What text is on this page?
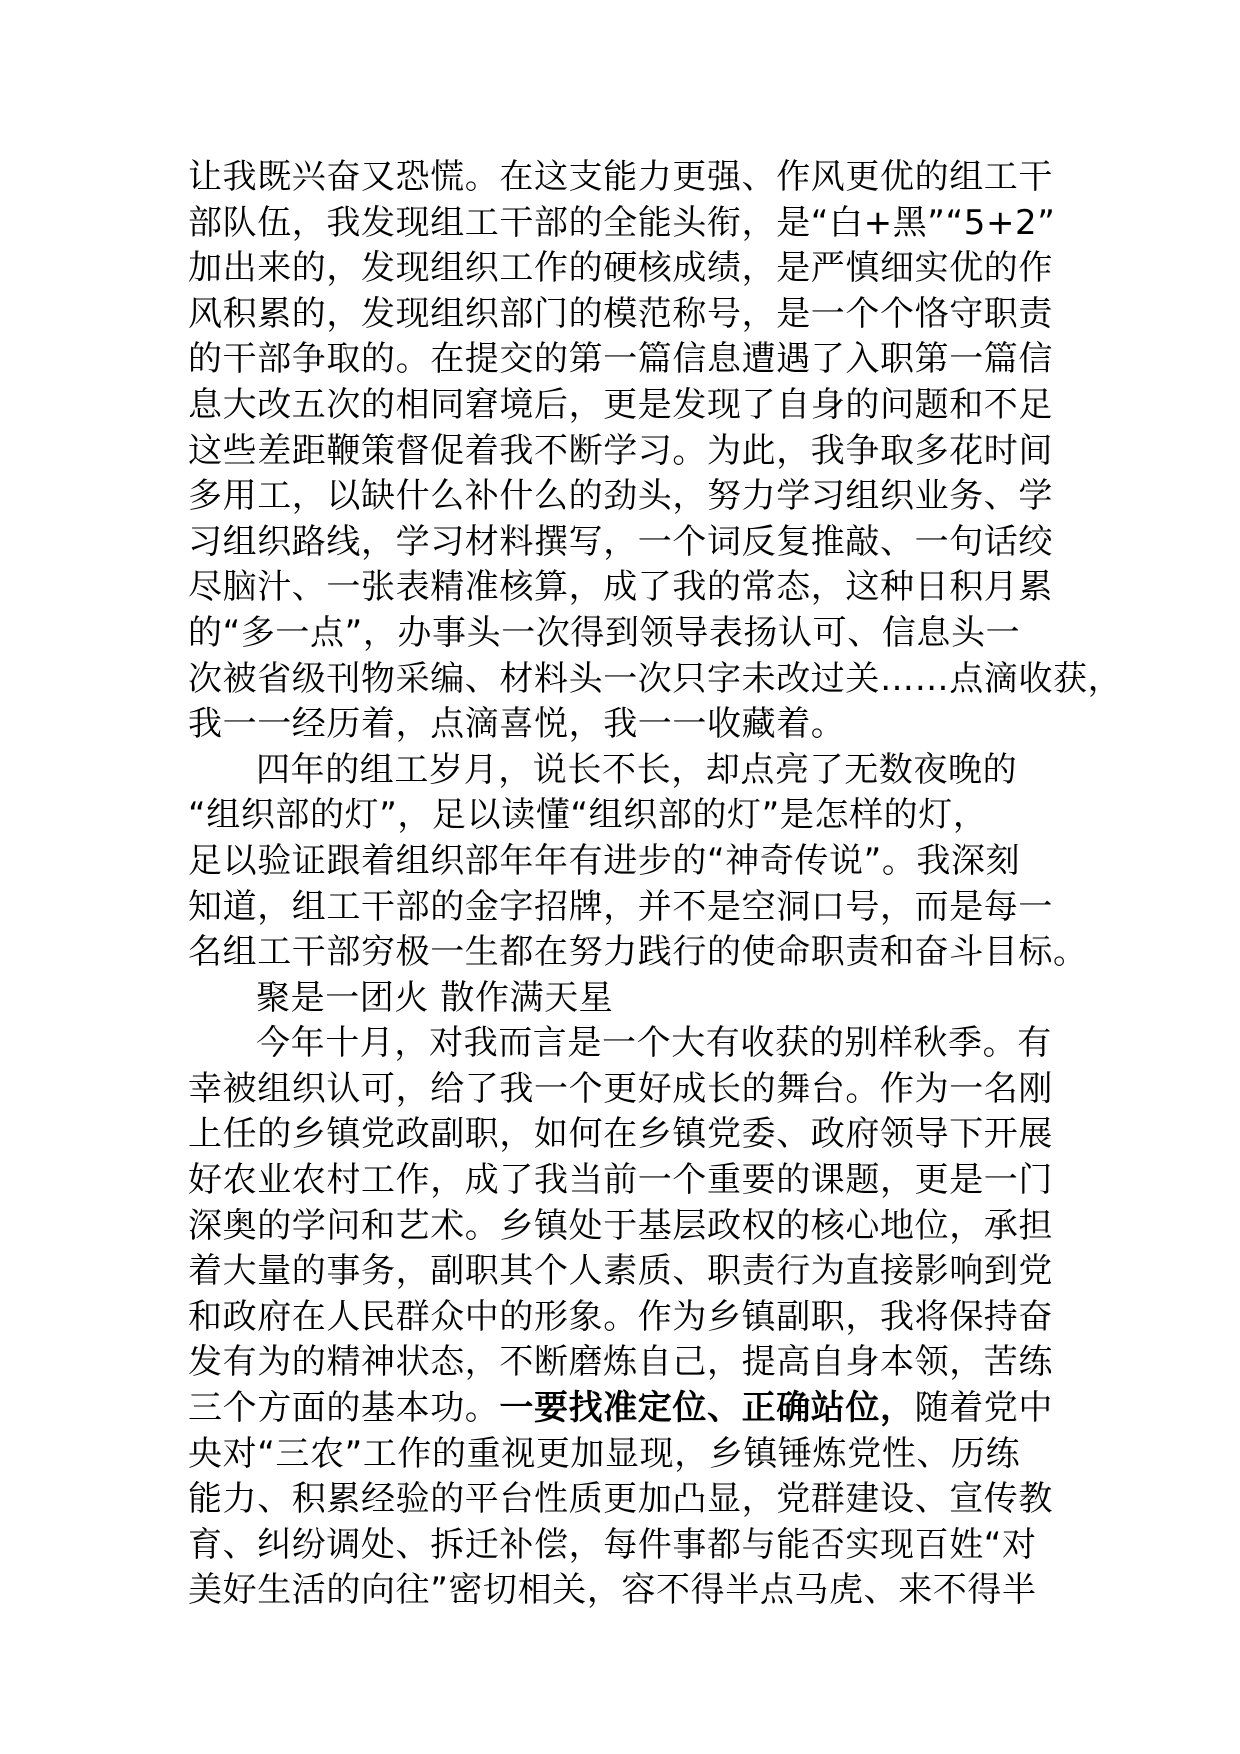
让我既兴奋又恐慌。在这支能力更强、作风更优的组工干
部队伍，我发现组工干部的全能头衔，是“白+黑”“5+2”
加出来的，发现组织工作的硬核成绩，是严慎细实优的作
风积累的，发现组织部门的模范称号，是一个个恪守职责
的干部争取的。在提交的第一篇信息遭遇了入职第一篇信
息大改五次的相同窘境后，更是发现了自身的问题和不足
这些差距鞭策督促着我不断学习。为此，我争取多花时间
多用工，以缺什么补什么的劲头，努力学习组织业务、学
习组织路线，学习材料撰写，一个词反复推敲、一句话绞
尽脑汁、一张表精准核算，成了我的常态，这种日积月累
的“多一点”，办事头一次得到领导表扬认可、信息头一
次被省级刊物采编、材料头一次只字未改过关……点滴收获，
我一一经历着，点滴喜悦，我一一收藏着。
四年的组工岁月，说长不长，却点亮了无数夜晚的
“组织部的灯”，足以读懂“组织部的灯”是怎样的灯，
足以验证跟着组织部年年有进步的“神奇传说”。我深刻
知道，组工干部的金字招牌，并不是空洞口号，而是每一
名组工干部穷极一生都在努力践行的使命职责和奋斗目标。
聚是一团火 散作满天星
今年十月，对我而言是一个大有收获的别样秋季。有
幸被组织认可，给了我一个更好成长的舞台。作为一名刚
上任的乡镇党政副职，如何在乡镇党委、政府领导下开展
好农业农村工作，成了我当前一个重要的课题，更是一门
深奥的学问和艺术。乡镇处于基层政权的核心地位，承担
着大量的事务，副职其个人素质、职责行为直接影响到党
和政府在人民群众中的形象。作为乡镇副职，我将保持奋
发有为的精神状态，不断磨炼自己，提高自身本领，苦练
三个方面的基本功。一要找准定位、正确站位，随着党中
央对“三农”工作的重视更加显现，乡镇锤炼党性、历练
能力、积累经验的平台性质更加凸显，党群建设、宣传教
育、纠纷调处、拆迁补偿，每件事都与能否实现百姓“对
美好生活的向往”密切相关，容不得半点马虎、来不得半
